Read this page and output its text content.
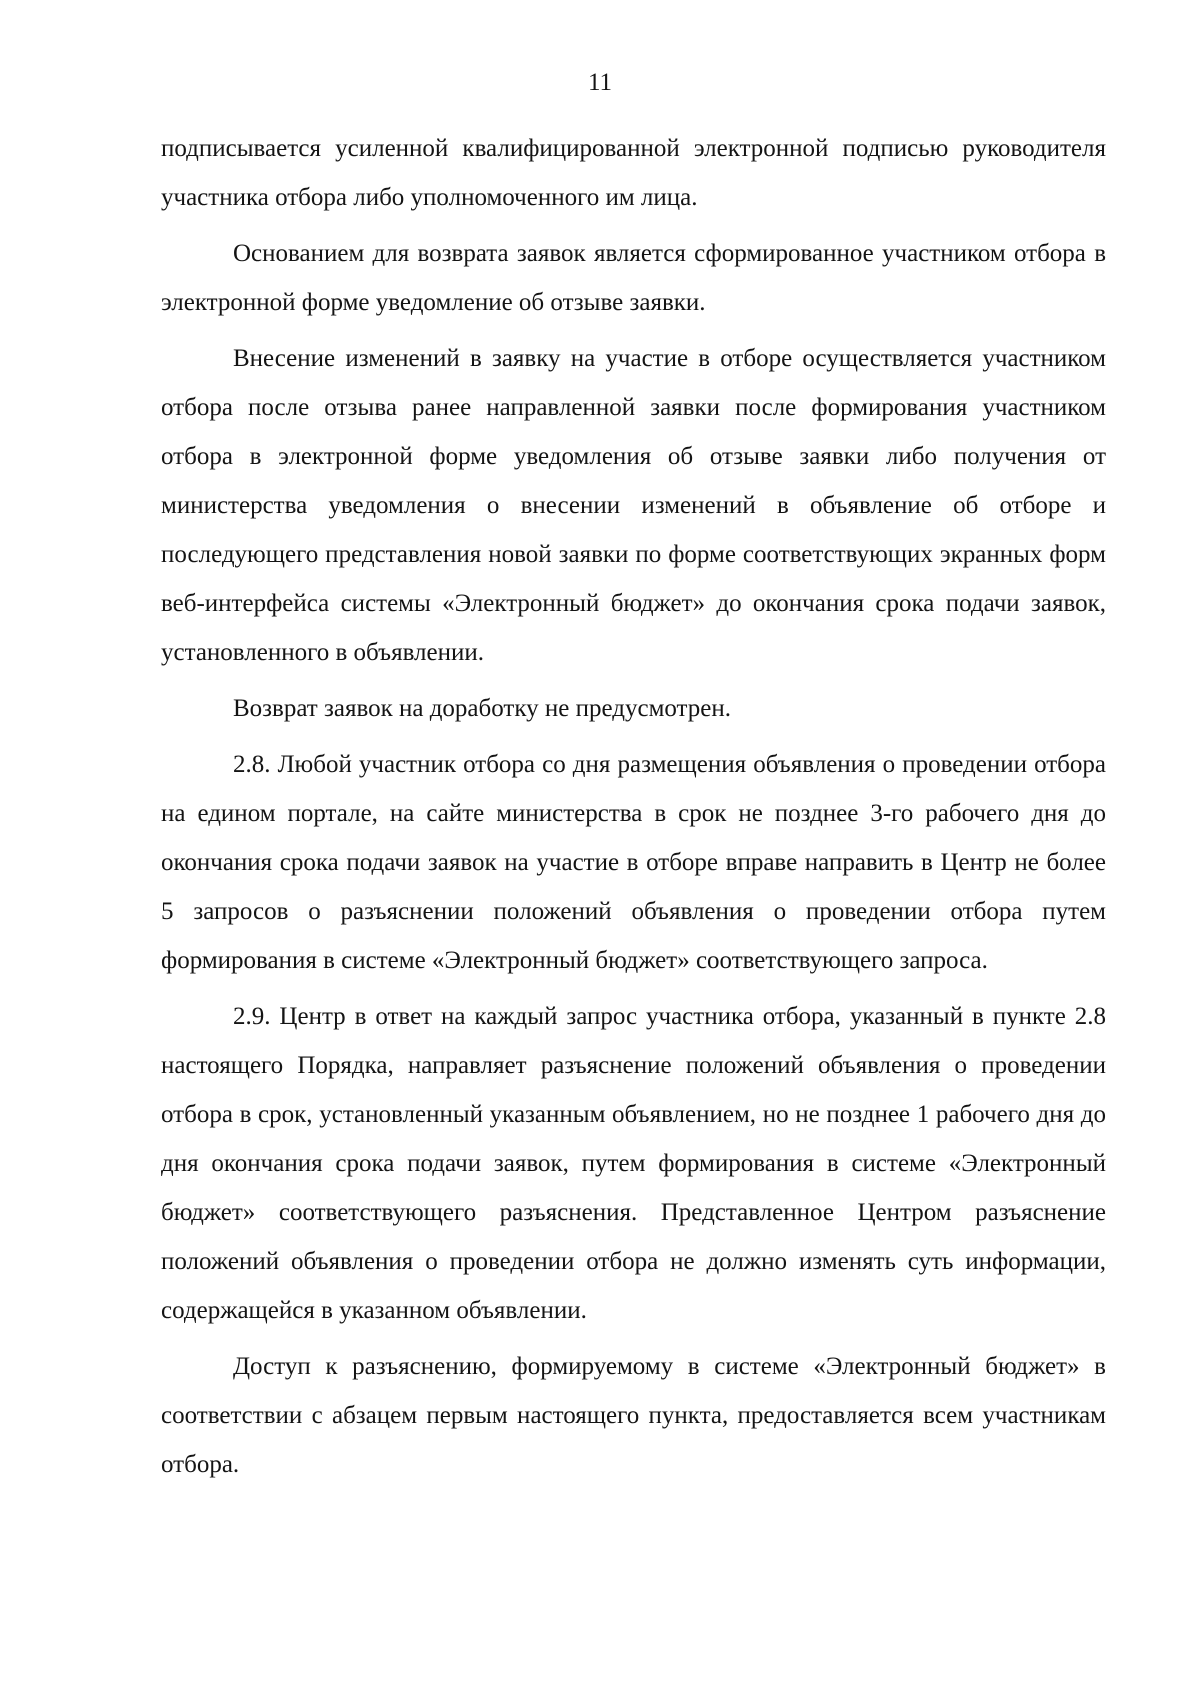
11

подписывается усиленной квалифицированной электронной подписью руководителя участника отбора либо уполномоченного им лица.

Основанием для возврата заявок является сформированное участником отбора в электронной форме уведомление об отзыве заявки.

Внесение изменений в заявку на участие в отборе осуществляется участником отбора после отзыва ранее направленной заявки после формирования участником отбора в электронной форме уведомления об отзыве заявки либо получения от министерства уведомления о внесении изменений в объявление об отборе и последующего представления новой заявки по форме соответствующих экранных форм веб-интерфейса системы «Электронный бюджет» до окончания срока подачи заявок, установленного в объявлении.

Возврат заявок на доработку не предусмотрен.

2.8. Любой участник отбора со дня размещения объявления о проведении отбора на едином портале, на сайте министерства в срок не позднее 3-го рабочего дня до окончания срока подачи заявок на участие в отборе вправе направить в Центр не более 5 запросов о разъяснении положений объявления о проведении отбора путем формирования в системе «Электронный бюджет» соответствующего запроса.

2.9. Центр в ответ на каждый запрос участника отбора, указанный в пункте 2.8 настоящего Порядка, направляет разъяснение положений объявления о проведении отбора в срок, установленный указанным объявлением, но не позднее 1 рабочего дня до дня окончания срока подачи заявок, путем формирования в системе «Электронный бюджет» соответствующего разъяснения. Представленное Центром разъяснение положений объявления о проведении отбора не должно изменять суть информации, содержащейся в указанном объявлении.

Доступ к разъяснению, формируемому в системе «Электронный бюджет» в соответствии с абзацем первым настоящего пункта, предоставляется всем участникам отбора.
